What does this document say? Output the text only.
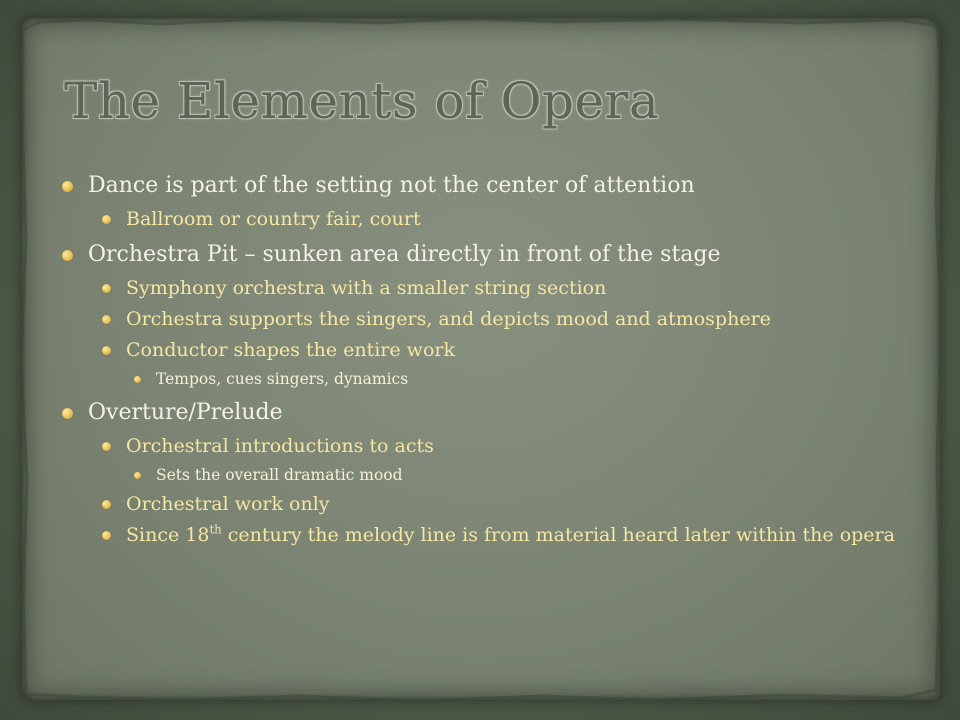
The Elements of Opera
Dance is part of the setting not the center of attention
Ballroom or country fair, court
Orchestra Pit – sunken area directly in front of the stage
Symphony orchestra with a smaller string section
Orchestra supports the singers, and depicts mood and atmosphere
Conductor shapes the entire work
Tempos, cues singers, dynamics
Overture/Prelude
Orchestral introductions to acts
Sets the overall dramatic mood
Orchestral work only
Since 18th century the melody line is from material heard later within the opera
